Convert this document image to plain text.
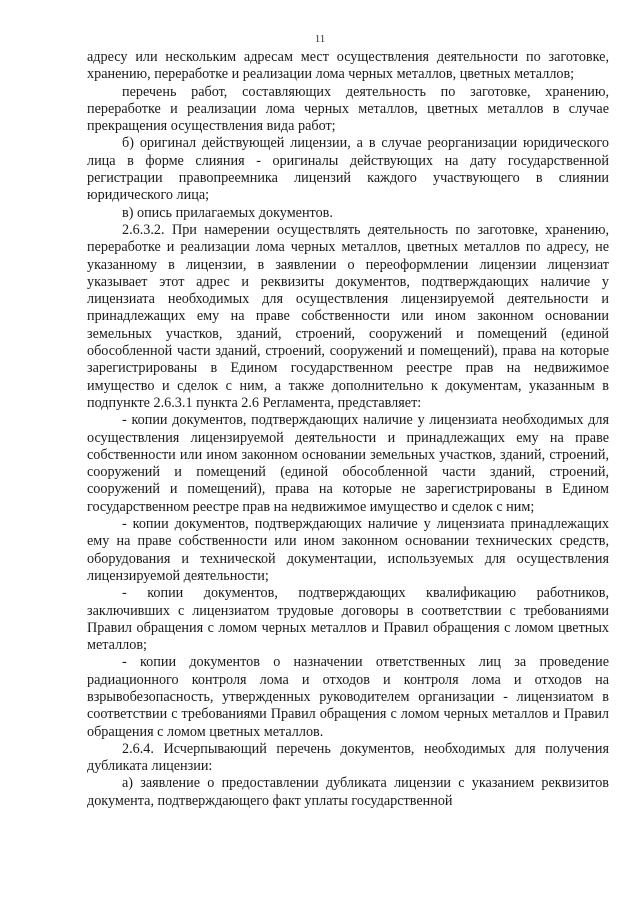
11

адресу или нескольким адресам мест осуществления деятельности по заготовке, хранению, переработке и реализации лома черных металлов, цветных металлов;

перечень работ, составляющих деятельность по заготовке, хранению, переработке и реализации лома черных металлов, цветных металлов в случае прекращения осуществления вида работ;

б) оригинал действующей лицензии, а в случае реорганизации юридического лица в форме слияния - оригиналы действующих на дату государственной регистрации правопреемника лицензий каждого участвующего в слиянии юридического лица;

в) опись прилагаемых документов.

2.6.3.2. При намерении осуществлять деятельность по заготовке, хранению, переработке и реализации лома черных металлов, цветных металлов по адресу, не указанному в лицензии, в заявлении о переоформлении лицензии лицензиат указывает этот адрес и реквизиты документов, подтверждающих наличие у лицензиата необходимых для осуществления лицензируемой деятельности и принадлежащих ему на праве собственности или ином законном основании земельных участков, зданий, строений, сооружений и помещений (единой обособленной части зданий, строений, сооружений и помещений), права на которые зарегистрированы в Едином государственном реестре прав на недвижимое имущество и сделок с ним, а также дополнительно к документам, указанным в подпункте 2.6.3.1 пункта 2.6 Регламента, представляет:

- копии документов, подтверждающих наличие у лицензиата необходимых для осуществления лицензируемой деятельности и принадлежащих ему на праве собственности или ином законном основании земельных участков, зданий, строений, сооружений и помещений (единой обособленной части зданий, строений, сооружений и помещений), права на которые не зарегистрированы в Едином государственном реестре прав на недвижимое имущество и сделок с ним;

- копии документов, подтверждающих наличие у лицензиата принадлежащих ему на праве собственности или ином законном основании технических средств, оборудования и технической документации, используемых для осуществления лицензируемой деятельности;

- копии документов, подтверждающих квалификацию работников, заключивших с лицензиатом трудовые договоры в соответствии с требованиями Правил обращения с ломом черных металлов и Правил обращения с ломом цветных металлов;

- копии документов о назначении ответственных лиц за проведение радиационного контроля лома и отходов и контроля лома и отходов на взрывобезопасность, утвержденных руководителем организации - лицензиатом в соответствии с требованиями Правил обращения с ломом черных металлов и Правил обращения с ломом цветных металлов.

2.6.4. Исчерпывающий перечень документов, необходимых для получения дубликата лицензии:

а) заявление о предоставлении дубликата лицензии с указанием реквизитов документа, подтверждающего факт уплаты государственной
